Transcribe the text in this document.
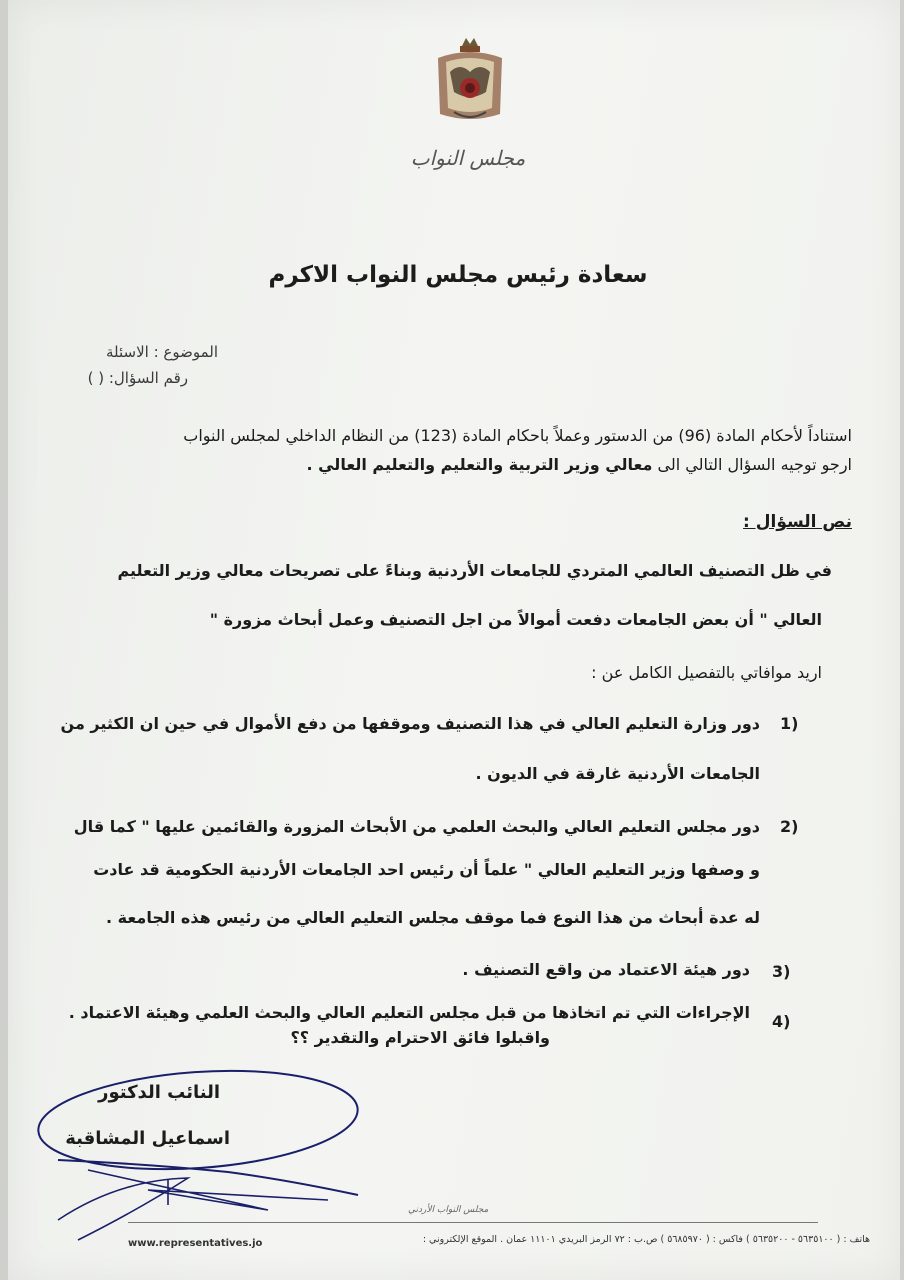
مجلس النواب
سعادة رئيس مجلس النواب الاكرم
الموضوع : الاسئلة
رقم السؤال: ( )
استناداً لأحكام المادة (96) من الدستور وعملاً باحكام المادة (123) من النظام الداخلي لمجلس النواب
ارجو توجيه السؤال التالي الى معالي وزير التربية والتعليم والتعليم العالي .
نص السؤال :
في ظل التصنيف العالمي المتردي للجامعات الأردنية وبناءً على تصريحات معالي وزير التعليم
العالي " أن بعض الجامعات دفعت أموالاً من اجل التصنيف وعمل أبحاث مزورة "
اريد موافاتي بالتفصيل الكامل عن :
1)
دور وزارة التعليم العالي في هذا التصنيف وموقفها من دفع الأموال في حين ان الكثير من
الجامعات الأردنية غارقة في الديون .
2)
دور مجلس التعليم العالي والبحث العلمي من الأبحاث المزورة والقائمين عليها " كما قال
و وصفها وزير التعليم العالي " علماً أن رئيس احد الجامعات الأردنية الحكومية قد عادت
له عدة أبحاث من هذا النوع فما موقف مجلس التعليم العالي من رئيس هذه الجامعة .
3)
دور هيئة الاعتماد من واقع التصنيف .
4)
الإجراءات التي تم اتخاذها من قبل مجلس التعليم العالي والبحث العلمي وهيئة الاعتماد .
واقبلوا فائق الاحترام والتقدير ؟؟
النائب الدكتور
اسماعيل المشاقبة
مجلس النواب الأردني
هاتف : ( ٥٦٣٥١٠٠ - ٥٦٣٥٢٠٠ ) فاكس : ( ٥٦٨٥٩٧٠ ) ص.ب : ٧٢ الرمز البريدي ١١١٠١ عمان . الموقع الإلكتروني :
www.representatives.jo
